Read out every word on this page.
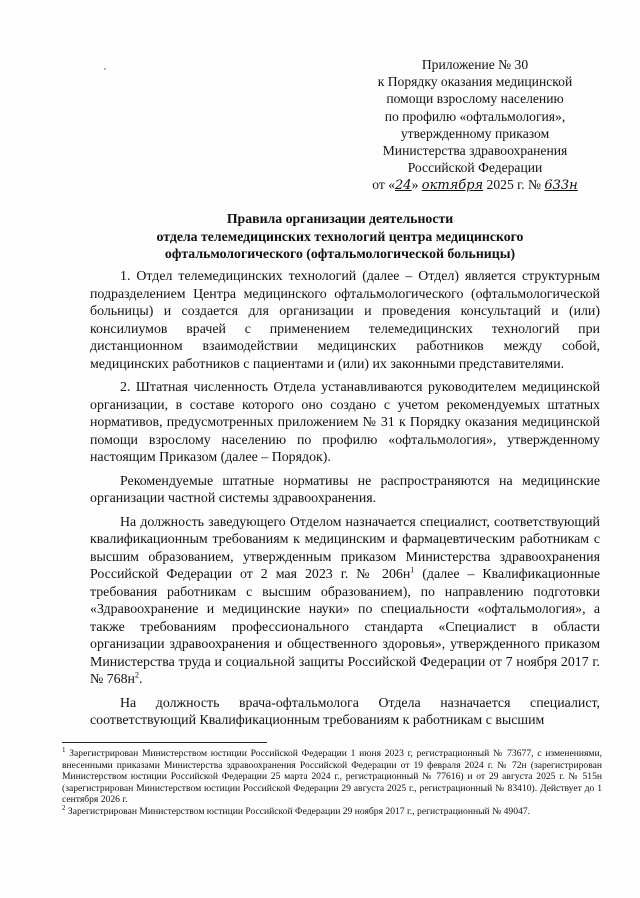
Приложение № 30
к Порядку оказания медицинской
помощи взрослому населению
по профилю «офтальмология»,
утвержденному приказом
Министерства здравоохранения
Российской Федерации
от «24» октября 2025 г. № 633н
Правила организации деятельности
отдела телемедицинских технологий центра медицинского
офтальмологического (офтальмологической больницы)

1. Отдел телемедицинских технологий (далее – Отдел) является структурным подразделением Центра медицинского офтальмологического (офтальмологической больницы) и создается для организации и проведения консультаций и (или) консилиумов врачей с применением телемедицинских технологий при дистанционном взаимодействии медицинских работников между собой, медицинских работников с пациентами и (или) их законными представителями.

2. Штатная численность Отдела устанавливаются руководителем медицинской организации, в составе которого оно создано с учетом рекомендуемых штатных нормативов, предусмотренных приложением № 31 к Порядку оказания медицинской помощи взрослому населению по профилю «офтальмология», утвержденному настоящим Приказом (далее – Порядок).

Рекомендуемые штатные нормативы не распространяются на медицинские организации частной системы здравоохранения.

На должность заведующего Отделом назначается специалист, соответствующий квалификационным требованиям к медицинским и фармацевтическим работникам с высшим образованием, утвержденным приказом Министерства здравоохранения Российской Федерации от 2 мая 2023 г. № $206н^1$ (далее – Квалификационные требования работникам с высшим образованием), по направлению подготовки «Здравоохранение и медицинские науки» по специальности «офтальмология», а также требованиям профессионального стандарта «Специалист в области организации здравоохранения и общественного здоровья», утвержденного приказом Министерства труда и социальной защиты Российской Федерации от 7 ноября 2017 г. № $768н^2$.

На должность врача-офтальмолога Отдела назначается специалист, соответствующий Квалификационным требованиям к работникам с высшим

$^1$ Зарегистрирован Министерством юстиции Российской Федерации 1 июня 2023 г, регистрационный № 73677, с изменениями, внесенными приказами Министерства здравоохранения Российской Федерации от 19 февраля 2024 г. № 72н (зарегистрирован Министерством юстиции Российской Федерации 25 марта 2024 г., регистрационный № 77616) и от 29 августа 2025 г. № 515н (зарегистрирован Министерством юстиции Российской Федерации 29 августа 2025 г., регистрационный № 83410). Действует до 1 сентября 2026 г.
$^2$ Зарегистрирован Министерством юстиции Российской Федерации 29 ноября 2017 г., регистрационный № 49047.
